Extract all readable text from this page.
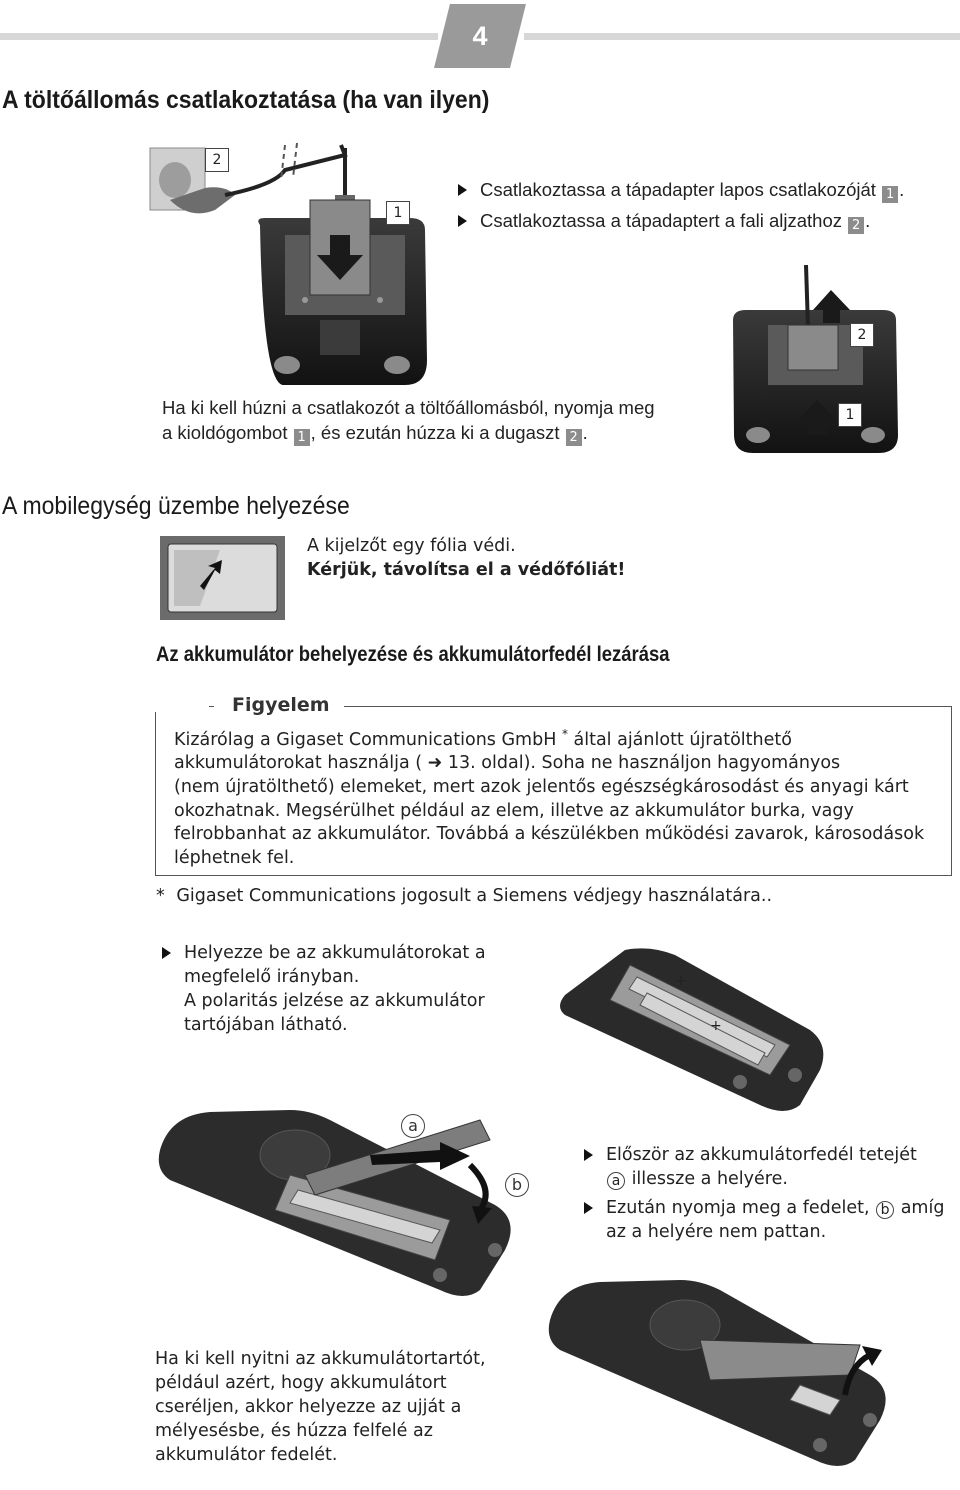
4
A töltőállomás csatlakoztatása (ha van ilyen)
1
2
Csatlakoztassa a tápadapter lapos csatlakozóját 1 .
Csatlakoztassa a tápadaptert a fali aljzathoz 2 .
Ha ki kell húzni a csatlakozót a töltőállomásból, nyomja meg
a kioldógombot 1 , és ezután húzza ki a dugaszt 2 .
2
1
A mobilegység üzembe helyezése
A kijelzőt egy fólia védi.
Kérjük, távolítsa el a védőfóliát!
Az akkumulátor behelyezése és akkumulátorfedél lezárása
Figyelem
Kizárólag a Gigaset Communications GmbH * által ajánlott újratölthető
akkumulátorokat használja ( ➜ 13. oldal). Soha ne használjon hagyományos
(nem újratölthető) elemeket, mert azok jelentős egészségkárosodást és anyagi kárt
okozhatnak. Megsérülhet például az elem, illetve az akkumulátor burka, vagy
felrobbanhat az akkumulátor. Továbbá a készülékben működési zavarok, károsodások
léphetnek fel.
* Gigaset Communications jogosult a Siemens védjegy használatára..
Helyezze be az akkumulátorokat a
megfelelő irányban.
A polaritás jelzése az akkumulátor
tartójában látható.
+
+
a
b
Először az akkumulátorfedél tetejét
a illessze a helyére.
Ezután nyomja meg a fedelet, b amíg
az a helyére nem pattan.
Ha ki kell nyitni az akkumulátortartót,
például azért, hogy akkumulátort
cseréljen, akkor helyezze az ujját a
mélyesésbe, és húzza felfelé az
akkumulátor fedelét.
